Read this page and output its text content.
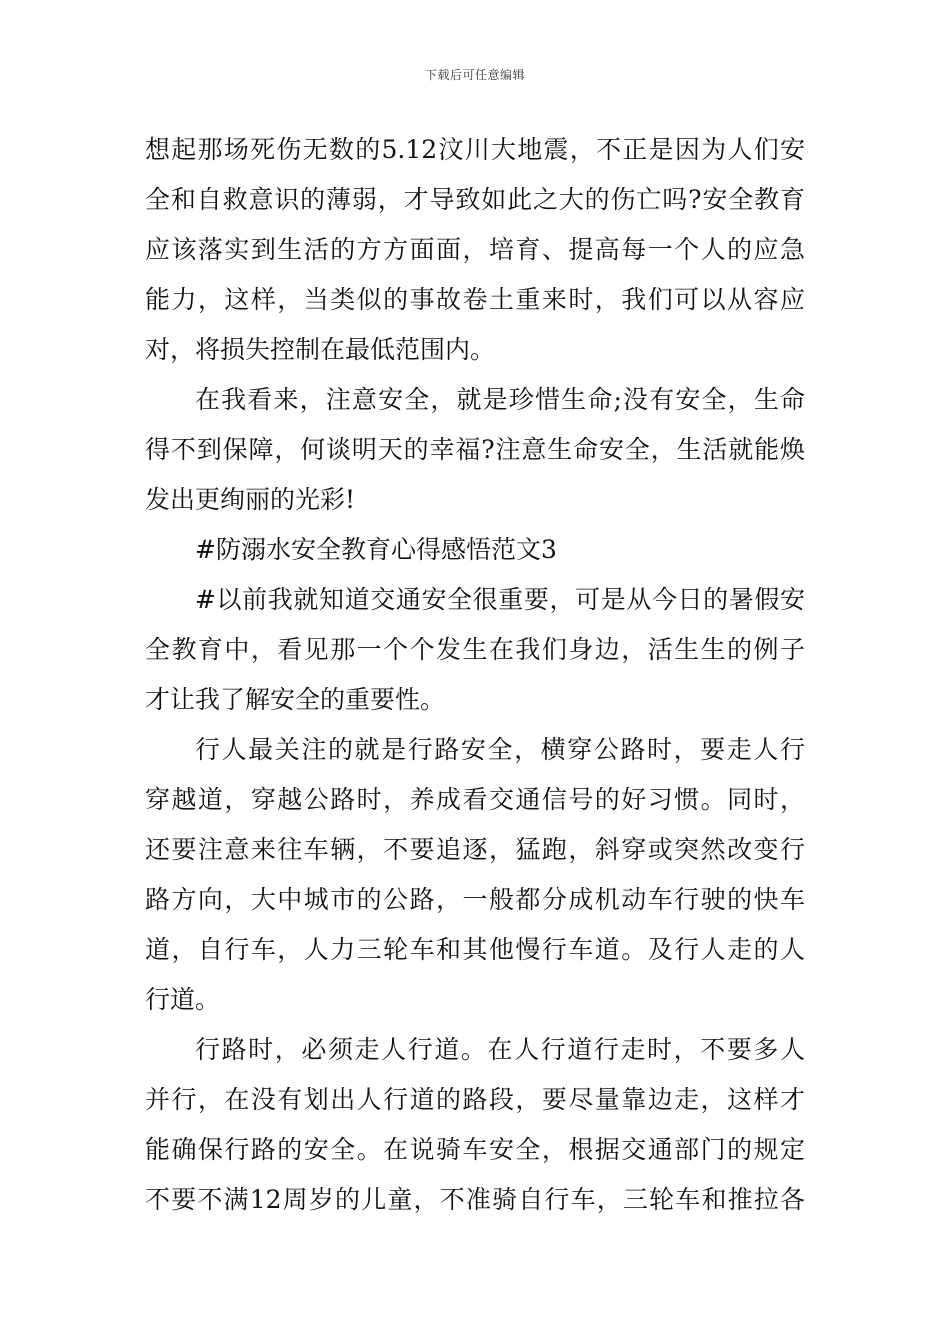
下载后可任意编辑
想起那场死伤无数的5.12汶川大地震，不正是因为人们安
全和自救意识的薄弱，才导致如此之大的伤亡吗?安全教育
应该落实到生活的方方面面，培育、提高每一个人的应急
能力，这样，当类似的事故卷土重来时，我们可以从容应
对，将损失控制在最低范围内。
在我看来，注意安全，就是珍惜生命;没有安全，生命
得不到保障，何谈明天的幸福?注意生命安全，生活就能焕
发出更绚丽的光彩!
#防溺水安全教育心得感悟范文3
#以前我就知道交通安全很重要，可是从今日的暑假安
全教育中，看见那一个个发生在我们身边，活生生的例子
才让我了解安全的重要性。
行人最关注的就是行路安全，横穿公路时，要走人行
穿越道，穿越公路时，养成看交通信号的好习惯。同时，
还要注意来往车辆，不要追逐，猛跑，斜穿或突然改变行
路方向，大中城市的公路，一般都分成机动车行驶的快车
道，自行车，人力三轮车和其他慢行车道。及行人走的人
行道。
行路时，必须走人行道。在人行道行走时，不要多人
并行，在没有划出人行道的路段，要尽量靠边走，这样才
能确保行路的安全。在说骑车安全，根据交通部门的规定
不要不满12周岁的儿童，不准骑自行车，三轮车和推拉各
